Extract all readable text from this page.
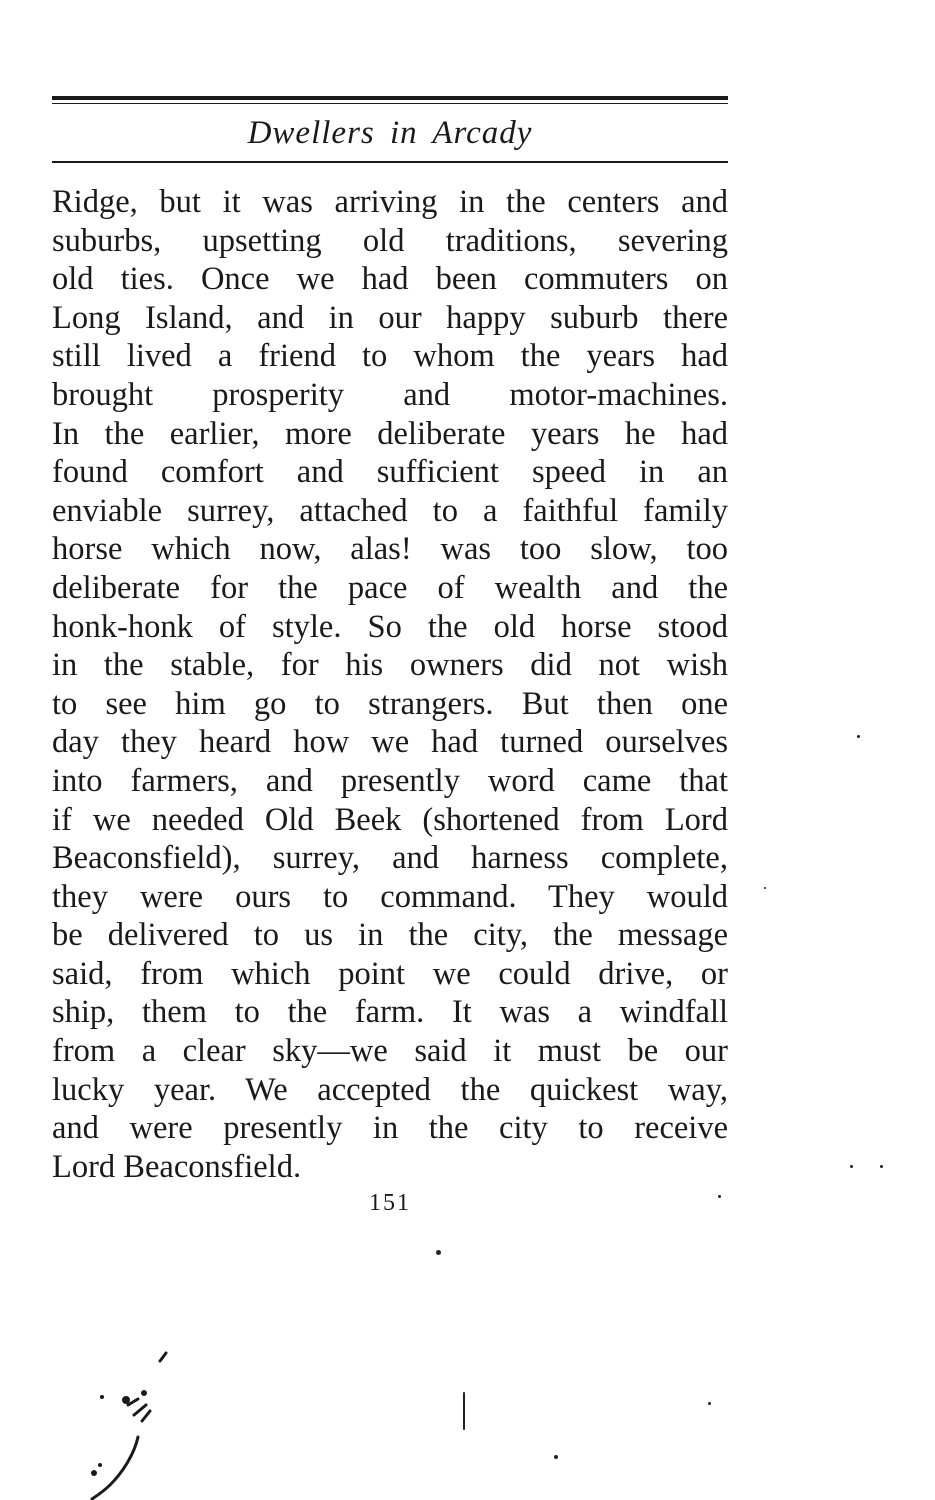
Dwellers in Arcady
Ridge, but it was arriving in the centers and
suburbs, upsetting old traditions, severing
old ties. Once we had been commuters on
Long Island, and in our happy suburb there
still lived a friend to whom the years had
brought prosperity and motor-machines.
In the earlier, more deliberate years he had
found comfort and sufficient speed in an
enviable surrey, attached to a faithful family
horse which now, alas! was too slow, too
deliberate for the pace of wealth and the
honk-honk of style. So the old horse stood
in the stable, for his owners did not wish
to see him go to strangers. But then one
day they heard how we had turned ourselves
into farmers, and presently word came that
if we needed Old Beek (shortened from Lord
Beaconsfield), surrey, and harness complete,
they were ours to command. They would
be delivered to us in the city, the message
said, from which point we could drive, or
ship, them to the farm. It was a windfall
from a clear sky—we said it must be our
lucky year. We accepted the quickest way,
and were presently in the city to receive
Lord Beaconsfield.
151
